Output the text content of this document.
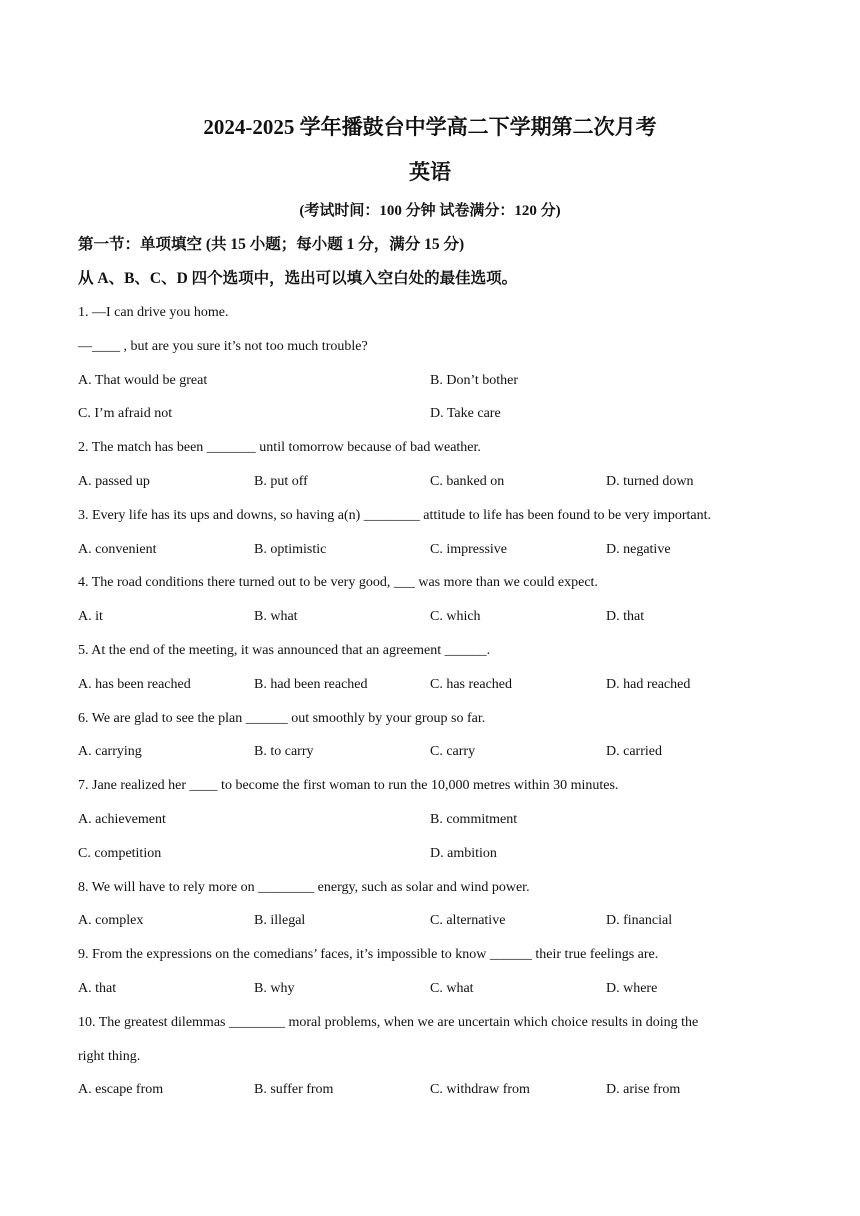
2024-2025 学年播鼓台中学高二下学期第二次月考
英语
(考试时间：100 分钟 试卷满分：120 分)
第一节：单项填空 (共 15 小题；每小题 1 分，满分 15 分)
从 A、B、C、D 四个选项中，选出可以填入空白处的最佳选项。
1. —I can drive you home.
—____ , but are you sure it’s not too much trouble?
A. That would be great	B. Don’t bother
C. I’m afraid not	D. Take care
2. The match has been _______ until tomorrow because of bad weather.
A. passed up	B. put off	C. banked on	D. turned down
3. Every life has its ups and downs, so having a(n) ________ attitude to life has been found to be very important.
A. convenient	B. optimistic	C. impressive	D. negative
4. The road conditions there turned out to be very good, ___ was more than we could expect.
A. it	B. what	C. which	D. that
5. At the end of the meeting, it was announced that an agreement ______.
A. has been reached	B. had been reached	C. has reached	D. had reached
6. We are glad to see the plan ______ out smoothly by your group so far.
A. carrying	B. to carry	C. carry	D. carried
7. Jane realized her ____ to become the first woman to run the 10,000 metres within 30 minutes.
A. achievement	B. commitment
C. competition	D. ambition
8. We will have to rely more on ________ energy, such as solar and wind power.
A. complex	B. illegal	C. alternative	D. financial
9. From the expressions on the comedians’ faces, it’s impossible to know ______ their true feelings are.
A. that	B. why	C. what	D. where
10. The greatest dilemmas ________ moral problems, when we are uncertain which choice results in doing the
right thing.
A. escape from	B. suffer from	C. withdraw from	D. arise from
